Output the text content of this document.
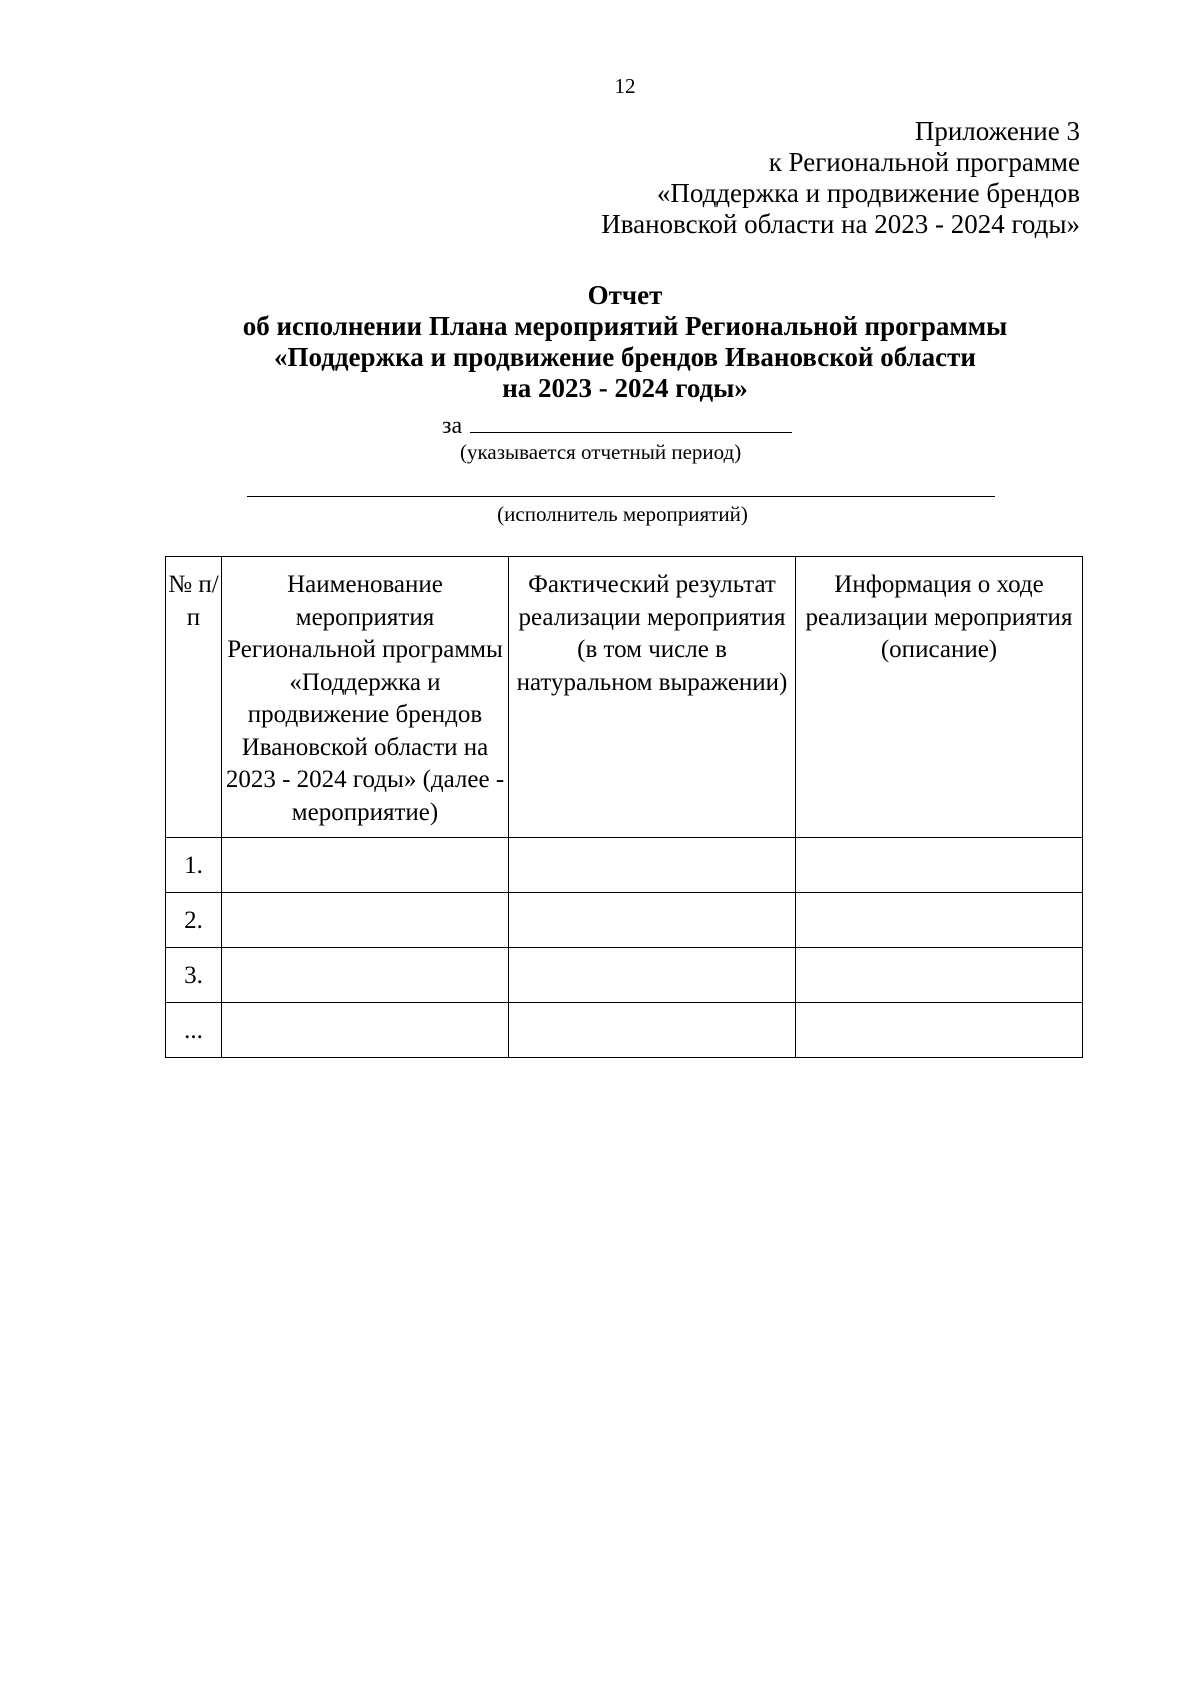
12
Приложение 3
к Региональной программе
«Поддержка и продвижение брендов
Ивановской области на 2023 - 2024 годы»
Отчет
об исполнении Плана мероприятий Региональной программы
«Поддержка и продвижение брендов Ивановской области
на 2023 - 2024 годы»
за
(указывается отчетный период)
(исполнитель мероприятий)
№ п/п	Наименование мероприятия Региональной программы «Поддержка и продвижение брендов Ивановской области на 2023 - 2024 годы» (далее - мероприятие)	Фактический результат реализации мероприятия (в том числе в натуральном выражении)	Информация о ходе реализации мероприятия (описание)
1.			
2.			
3.			
...			
